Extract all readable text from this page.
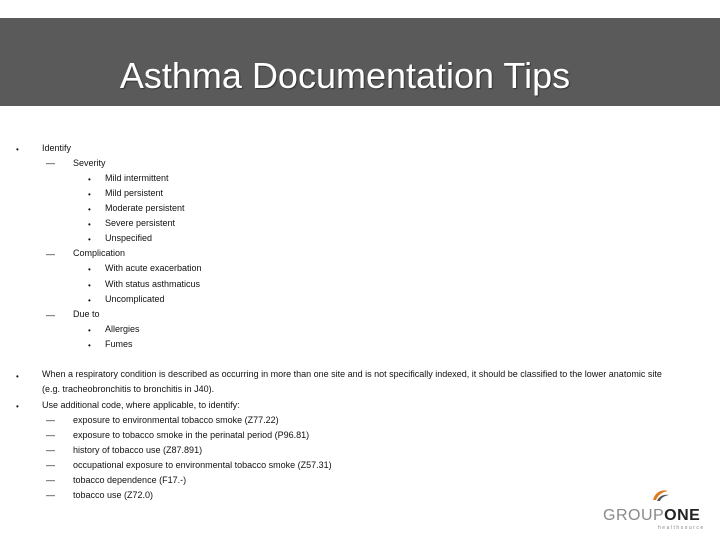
Asthma Documentation Tips
•	Identify
— Severity
• Mild intermittent
• Mild persistent
• Moderate persistent
• Severe persistent
• Unspecified
— Complication
• With acute exacerbation
• With status asthmaticus
• Uncomplicated
— Due to
• Allergies
• Fumes
•	When a respiratory condition is described as occurring in more than one site and is not specifically indexed, it should be classified to the lower anatomic site (e.g. tracheobronchitis to bronchitis in J40).
•	Use additional code, where applicable, to identify:
— exposure to environmental tobacco smoke (Z77.22)
— exposure to tobacco smoke in the perinatal period (P96.81)
— history of tobacco use (Z87.891)
— occupational exposure to environmental tobacco smoke (Z57.31)
— tobacco dependence (F17.-)
— tobacco use (Z72.0)
GROUPONE
healthsource
